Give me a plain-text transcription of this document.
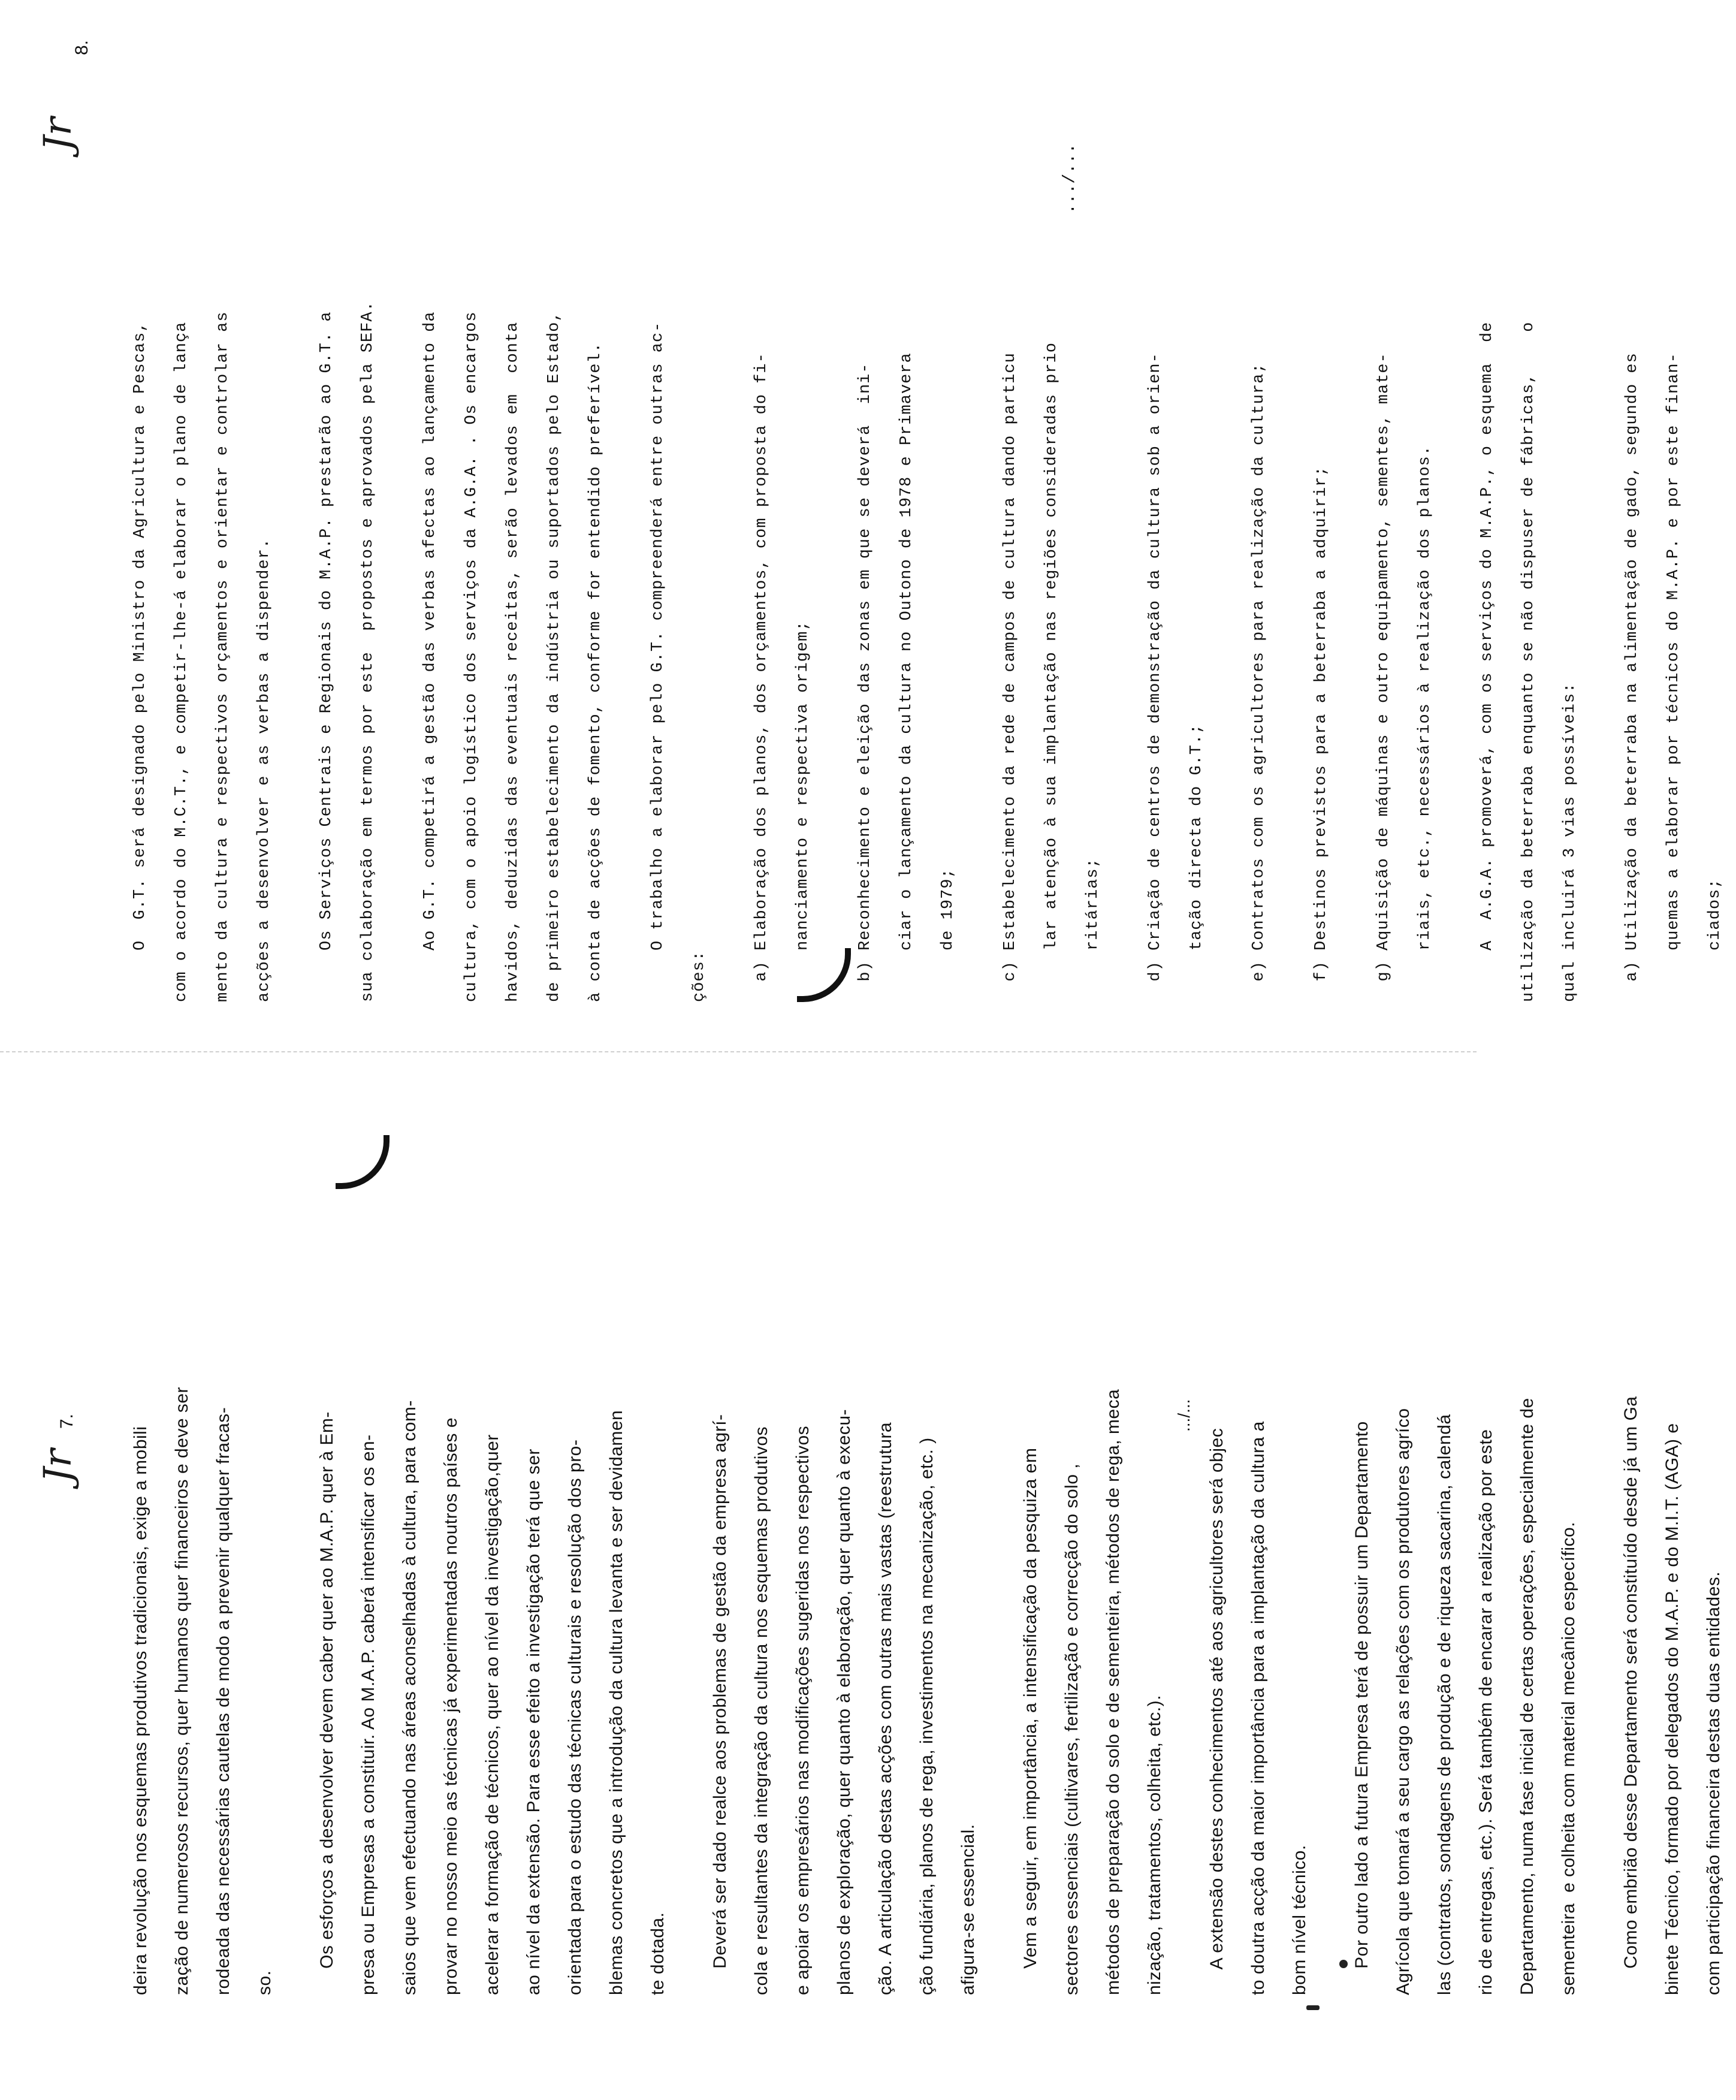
Jr
7.
deira revolução nos esquemas produtivos tradicionais, exige a mobili	zação de numerosos recursos, quer humanos quer financeiros e deve ser	rodeada das necessárias cautelas de modo a prevenir qualquer fracas-	so.	Os esforços a desenvolver devem caber quer ao M.A.P. quer à Em-	presa ou Empresas a constituir. Ao M.A.P. caberá intensificar os en-	saios que vem efectuando nas áreas aconselhadas à cultura, para com-	provar no nosso meio as técnicas já experimentadas noutros países e	acelerar a formação de técnicos, quer ao nível da investigação,quer	ao nível da extensão. Para esse efeito a investigação terá que ser	orientada para o estudo das técnicas culturais e resolução dos pro-	blemas concretos que a introdução da cultura levanta e ser devidamen	te dotada.	Deverá ser dado realce aos problemas de gestão da empresa agrí-	cola e resultantes da integração da cultura nos esquemas produtivos	e apoiar os empresários nas modificações sugeridas nos respectivos	planos de exploração, quer quanto à elaboração, quer quanto à execu-	ção. A articulação destas acções com outras mais vastas (reestrutura	ção fundiária, planos de rega, investimentos na mecanização, etc. )	afigura-se essencial.	Vem a seguir, em importância, a intensificação da pesquiza em	sectores essenciais (cultivares, fertilização e correcção do solo ,	métodos de preparação do solo e de sementeira, métodos de rega, meca	nização, tratamentos, colheita, etc.).	A extensão destes conhecimentos até aos agricultores será objec	to doutra acção da maior importância para a implantação da cultura a	bom nível técnico.	Por outro lado a futura Empresa terá de possuir um Departamento	Agrícola que tomará a seu cargo as relações com os produtores agríco	las (contratos, sondagens de produção e de riqueza sacarina, calendá	rio de entregas, etc.). Será também de encarar a realização por este	Departamento, numa fase inicial de certas operações, especialmente de	sementeira  e colheita com material mecânico específico.	Como embrião desse Departamento será constituído desde já um Ga	binete Técnico, formado por delegados do M.A.P. e do M.I.T. (AGA) e	com participação financeira destas duas entidades.
.../...
Jr
8.
O  G.T. será designado pelo Ministro da Agricultura e Pescas,	com o acordo do M.C.T., e competir-lhe-á elaborar o plano de lança	mento da cultura e respectivos orçamentos e orientar e controlar as	acções a desenvolver e as verbas a dispender.	Os Serviços Centrais e Regionais do M.A.P. prestarão ao G.T. a	sua colaboração em termos por este  propostos e aprovados pela SEFA.	Ao G.T. competirá a gestão das verbas afectas ao lançamento da	cultura, com o apoio logístico dos serviços da A.G.A. . Os encargos	havidos, deduzidas das eventuais receitas, serão levados em  conta	de primeiro estabelecimento da indústria ou suportados pelo Estado,	à conta de acções de fomento, conforme for entendido preferível.	O trabalho a elaborar pelo G.T. compreenderá entre outras ac-	ções:	a) Elaboração dos planos, dos orçamentos, com proposta do fi-	nanciamento e respectiva origem;	b) Reconhecimento e eleição das zonas em que se deverá  ini-	ciar o lançamento da cultura no Outono de 1978 e Primavera	de 1979;	c) Estabelecimento da rede de campos de cultura dando particu	lar atenção à sua implantação nas regiões consideradas prio	ritárias;	d) Criação de centros de demonstração da cultura sob a orien-	tação directa do G.T.;	e) Contratos com os agricultores para realização da cultura;	f) Destinos previstos para a beterraba a adquirir;	g) Aquisição de máquinas e outro equipamento, sementes, mate-	riais, etc., necessários à realização dos planos.	A  A.G.A. promoverá, com os serviços do M.A.P., o esquema  de	utilização da beterraba enquanto se não dispuser de fábricas,    o	qual incluirá 3 vias possíveis:	a) Utilização da beterraba na alimentação de gado, segundo es	quemas a elaborar por técnicos do M.A.P. e por este finan-	ciados;
.../...
